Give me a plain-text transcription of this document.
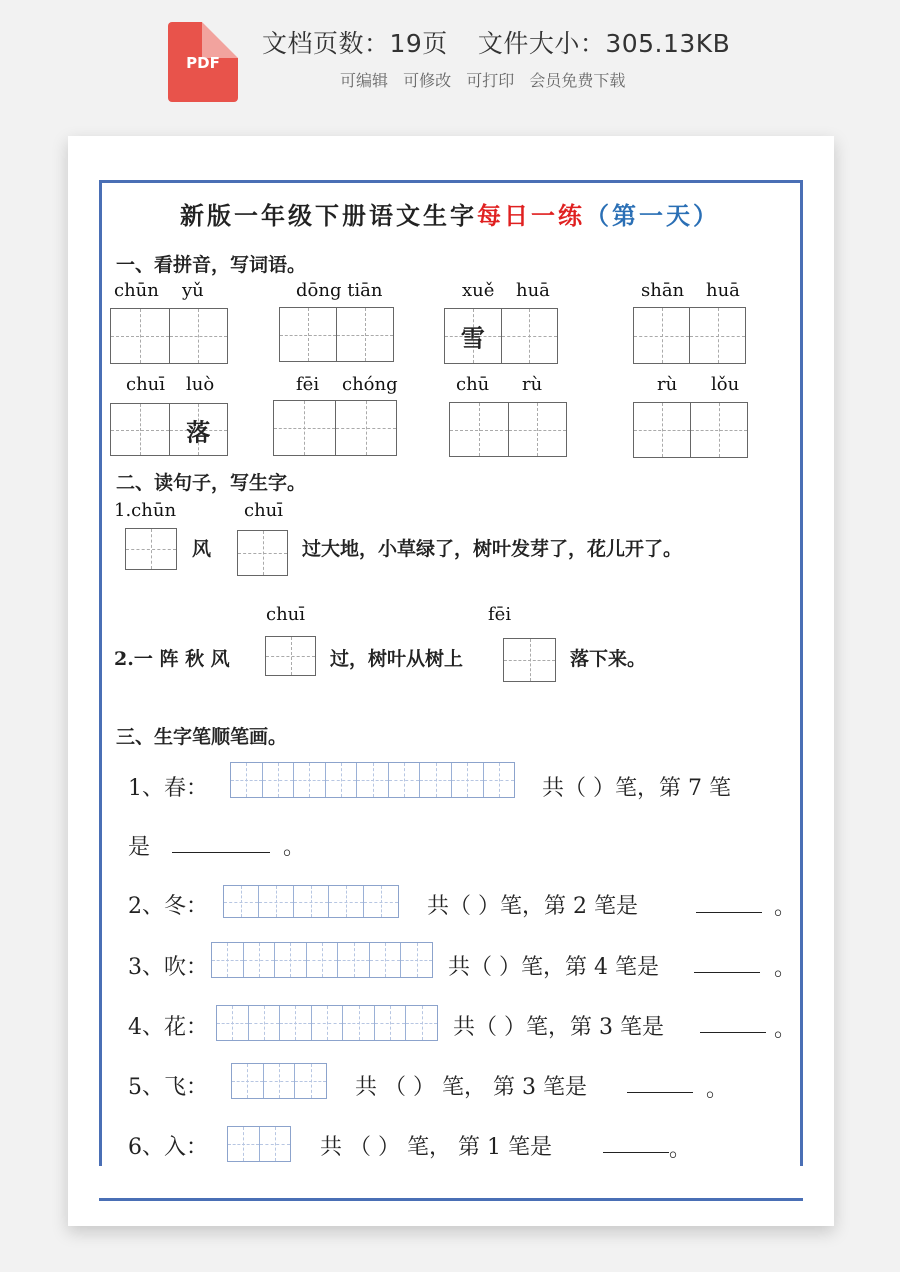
PDF
文档页数：19页 文件大小：305.13KB
可编辑 可修改 可打印 会员免费下载
新版一年级下册语文生字每日一练（第一天）
一、看拼音，写词语。
chūn yǔ	dōng tiān	xuě huā	shān huā
雪
chuī luò	fēi chóng	chū rù	rù lǒu
落
二、读句子，写生字。
1.chūn	chuī
风	过大地，小草绿了，树叶发芽了，花儿开了。
chuī	fēi
2.一 阵 秋 风	过，树叶从树上	落下来。
三、生字笔顺笔画。
1、春：	共（ ）笔，第 7 笔
是	。
2、冬：	共（ ）笔，第 2 笔是	。
3、吹：	共（ ）笔，第 4 笔是	。
4、花：	共（ ）笔，第 3 笔是	。
5、飞：	共 （ ） 笔， 第 3 笔是	。
6、入：	共 （ ） 笔， 第 1 笔是	。
